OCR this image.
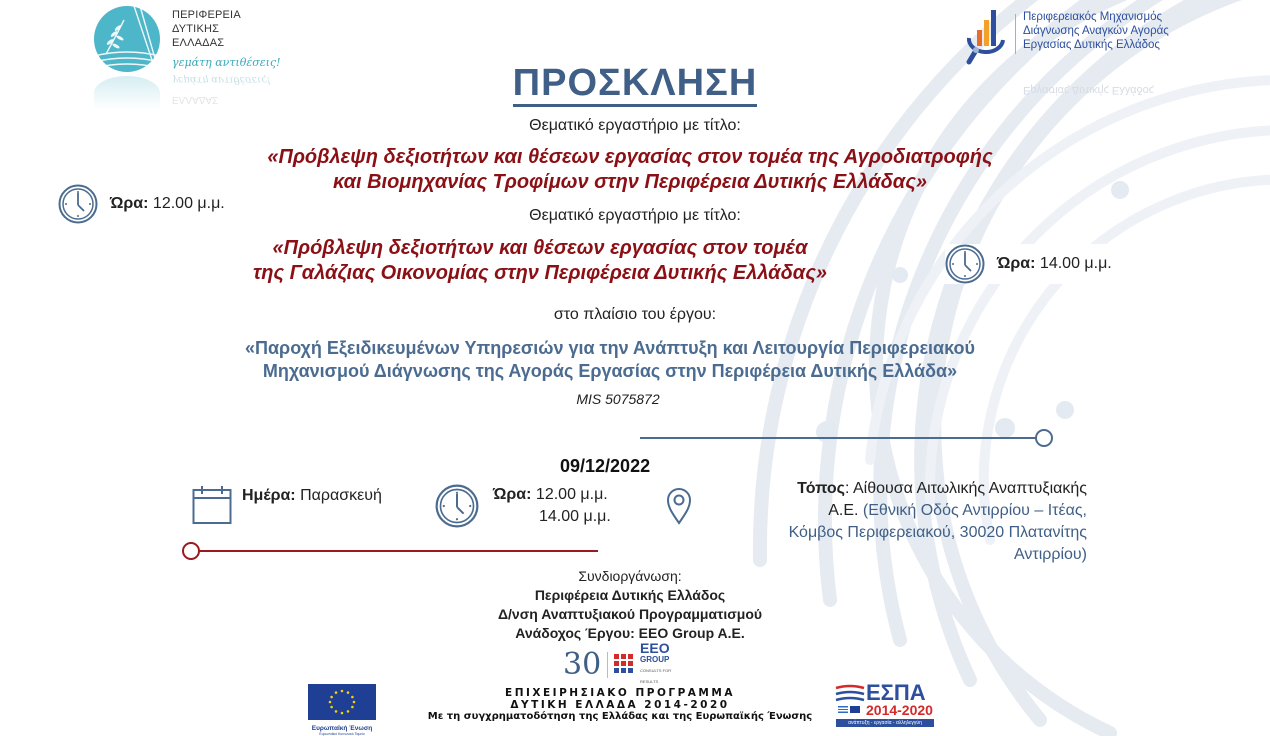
ΠΕΡΙΦΕΡΕΙΑ
ΔΥΤΙΚΗΣ
ΕΛΛΑΔΑΣ
γεμάτη αντιθέσεις!
γεμάτη αντιθέσεις!
ΕΛΛΑΔΑΣ
Περιφερειακός Μηχανισμός
Διάγνωσης Αναγκών Αγοράς
Εργασίας Δυτικής Ελλάδος
Εργασίας Δυτικής Ελλάδος
ΠΡΟΣΚΛΗΣΗ
Θεματικό εργαστήριο με τίτλο:
«Πρόβλεψη δεξιοτήτων και θέσεων εργασίας στον τομέα της Αγροδιατροφής
και Βιομηχανίας Τροφίμων στην Περιφέρεια Δυτικής Ελλάδας»
Ώρα: 12.00 μ.μ.
Θεματικό εργαστήριο με τίτλο:
«Πρόβλεψη δεξιοτήτων και θέσεων εργασίας στον τομέα
της Γαλάζιας Οικονομίας στην Περιφέρεια Δυτικής Ελλάδας»	Ώρα: 14.00 μ.μ.
στο πλαίσιο του έργου:
«Παροχή Εξειδικευμένων Υπηρεσιών για την Ανάπτυξη και Λειτουργία Περιφερειακού
Μηχανισμού Διάγνωσης της Αγοράς Εργασίας στην Περιφέρεια Δυτικής Ελλάδα»
MIS 5075872
09/12/2022
Ημέρα: Παρασκευή	Ώρα: 12.00 μ.μ.
14.00 μ.μ.
Τόπος: Αίθουσα Αιτωλικής Αναπτυξιακής
Α.Ε. (Εθνική Οδός Αντιρρίου – Ιτέας,
Κόμβος Περιφερειακού, 30020 Πλατανίτης
Αντιρρίου)
Συνδιοργάνωση:
Περιφέρεια Δυτικής Ελλάδος
Δ/νση Αναπτυξιακού Προγραμματισμού
Ανάδοχος Έργου: EEO Group A.E.
30	EEO
GROUP
CONSULTS FOR RESULTS
Ευρωπαϊκή Ένωση
Ευρωπαϊκό Κοινωνικό Ταμείο
ΕΠΙΧΕΙΡΗΣΙΑΚΟ ΠΡΟΓΡΑΜΜΑ
ΔΥΤΙΚΗ ΕΛΛΑΔΑ 2014-2020
Με τη συγχρηματοδότηση της Ελλάδας και της Ευρωπαϊκής Ένωσης
ΕΣΠΑ
2014-2020
ανάπτυξη - εργασία - αλληλεγγύη
